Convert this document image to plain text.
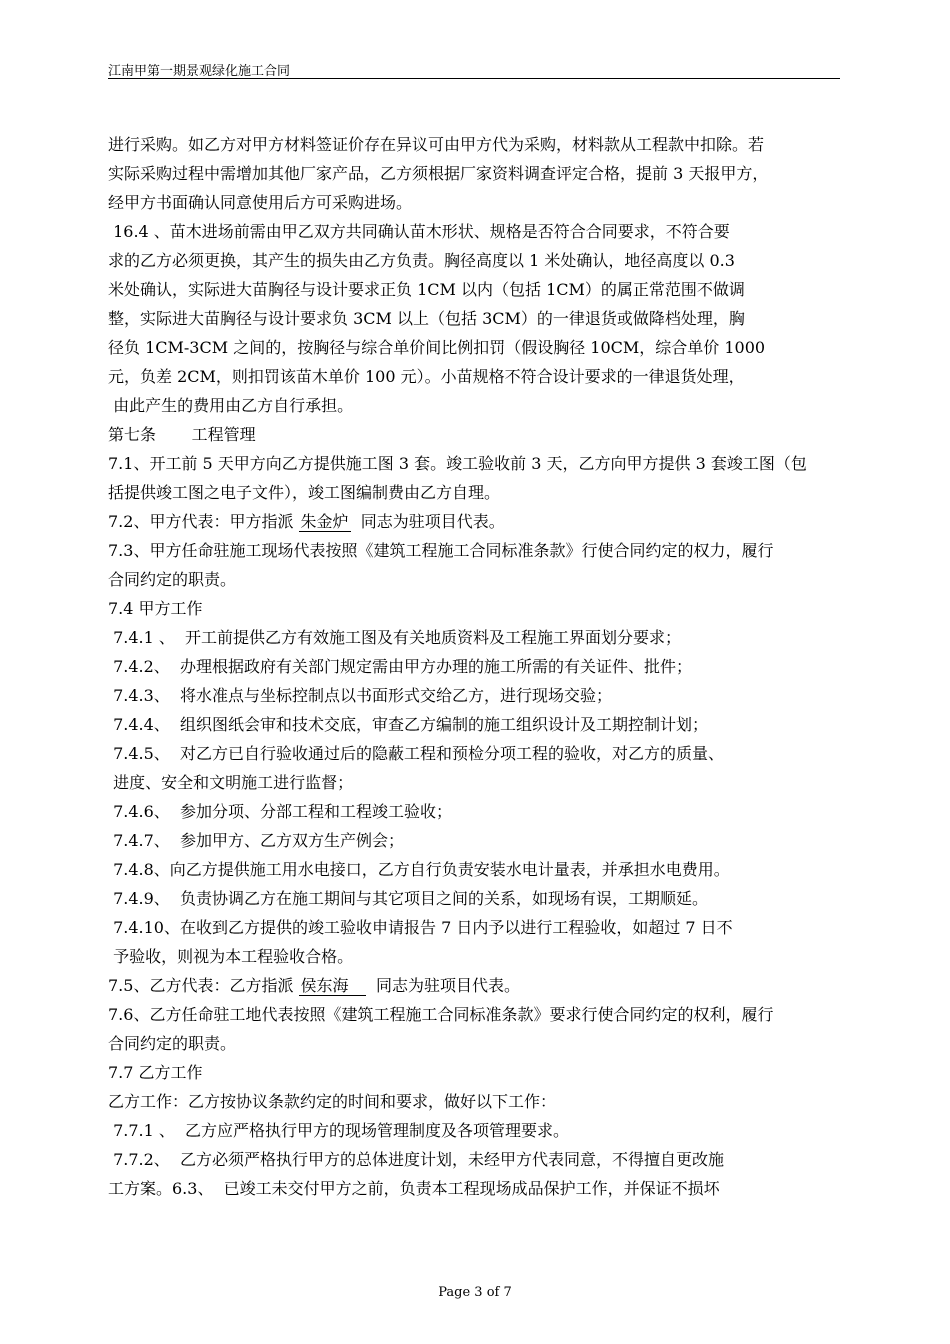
江南甲第一期景观绿化施工合同
进行采购。如乙方对甲方材料签证价存在异议可由甲方代为采购，材料款从工程款中扣除。若
实际采购过程中需增加其他厂家产品，乙方须根据厂家资料调查评定合格，提前 3 天报甲方，
经甲方书面确认同意使用后方可采购进场。
16.4 、苗木进场前需由甲乙双方共同确认苗木形状、规格是否符合合同要求，不符合要
求的乙方必须更换，其产生的损失由乙方负责。胸径高度以 1 米处确认，地径高度以 0.3
米处确认，实际进大苗胸径与设计要求正负 1CM 以内（包括 1CM）的属正常范围不做调
整，实际进大苗胸径与设计要求负 3CM 以上（包括 3CM）的一律退货或做降档处理，胸
径负 1CM-3CM 之间的，按胸径与综合单价间比例扣罚（假设胸径 10CM，综合单价 1000
元，负差 2CM，则扣罚该苗木单价 100 元）。小苗规格不符合设计要求的一律退货处理，
由此产生的费用由乙方自行承担。
第七条       工程管理
7.1、开工前 5 天甲方向乙方提供施工图 3 套。竣工验收前 3 天，乙方向甲方提供 3 套竣工图（包
括提供竣工图之电子文件），竣工图编制费由乙方自理。
7.2、甲方代表：甲方指派 朱金炉  同志为驻项目代表。
7.3、甲方任命驻施工现场代表按照《建筑工程施工合同标准条款》行使合同约定的权力，履行
合同约定的职责。
7.4 甲方工作
7.4.1 、  开工前提供乙方有效施工图及有关地质资料及工程施工界面划分要求；
7.4.2、  办理根据政府有关部门规定需由甲方办理的施工所需的有关证件、批件；
7.4.3、  将水准点与坐标控制点以书面形式交给乙方，进行现场交验；
7.4.4、  组织图纸会审和技术交底，审查乙方编制的施工组织设计及工期控制计划；
7.4.5、  对乙方已自行验收通过后的隐蔽工程和预检分项工程的验收，对乙方的质量、
进度、安全和文明施工进行监督；
7.4.6、  参加分项、分部工程和工程竣工验收；
7.4.7、  参加甲方、乙方双方生产例会；
7.4.8、向乙方提供施工用水电接口，乙方自行负责安装水电计量表，并承担水电费用。
7.4.9、  负责协调乙方在施工期间与其它项目之间的关系，如现场有误，工期顺延。
7.4.10、在收到乙方提供的竣工验收申请报告 7 日内予以进行工程验收，如超过 7 日不
予验收，则视为本工程验收合格。
7.5、乙方代表：乙方指派 侯东海     同志为驻项目代表。
7.6、乙方任命驻工地代表按照《建筑工程施工合同标准条款》要求行使合同约定的权利，履行
合同约定的职责。
7.7 乙方工作
乙方工作：乙方按协议条款约定的时间和要求，做好以下工作：
7.7.1 、  乙方应严格执行甲方的现场管理制度及各项管理要求。
7.7.2、  乙方必须严格执行甲方的总体进度计划，未经甲方代表同意，不得擅自更改施
工方案。6.3、  已竣工未交付甲方之前，负责本工程现场成品保护工作，并保证不损坏
Page 3 of 7
